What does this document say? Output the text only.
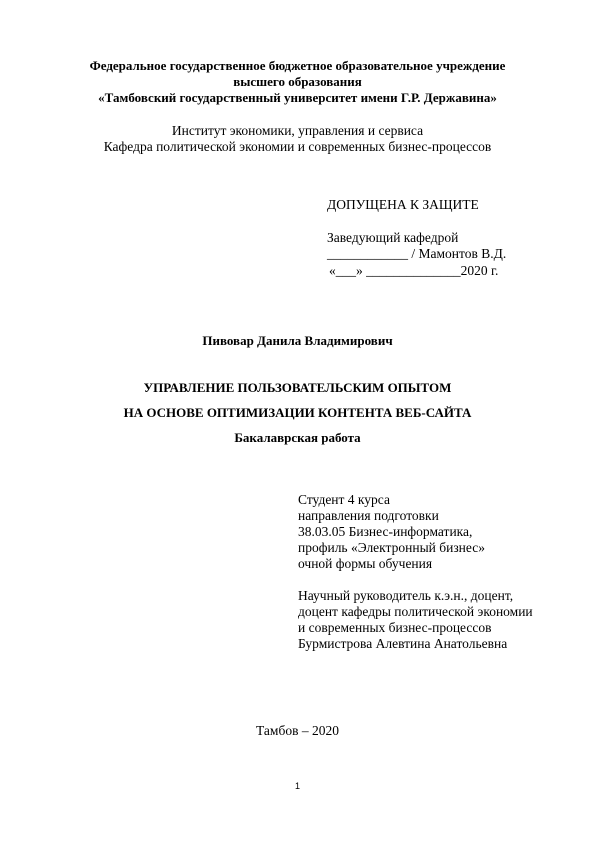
Федеральное государственное бюджетное образовательное учреждение
высшего образования
«Тамбовский государственный университет имени Г.Р. Державина»
Институт экономики, управления и сервиса
Кафедра политической экономии и современных бизнес-процессов
ДОПУЩЕНА К ЗАЩИТЕ
Заведующий кафедрой
____________ / Мамонтов В.Д.
«___» ______________2020 г.
Пивовар Данила Владимирович
УПРАВЛЕНИЕ ПОЛЬЗОВАТЕЛЬСКИМ ОПЫТОМ
НА ОСНОВЕ ОПТИМИЗАЦИИ КОНТЕНТА ВЕБ-САЙТА
Бакалаврская работа
Студент 4 курса
направления подготовки
38.03.05 Бизнес-информатика,
профиль «Электронный бизнес»
очной формы обучения
Научный руководитель к.э.н., доцент,
доцент кафедры политической экономии
и современных бизнес-процессов
Бурмистрова Алевтина Анатольевна
Тамбов – 2020
1
